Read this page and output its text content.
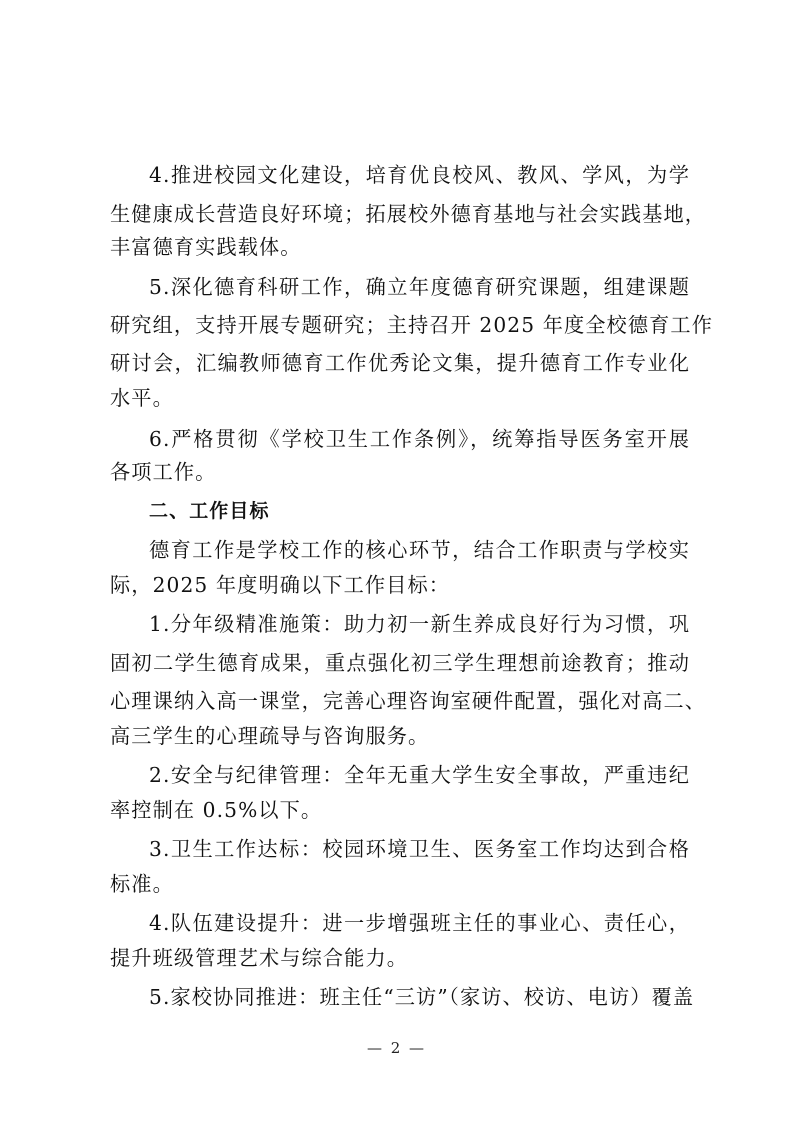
4.推进校园文化建设，培育优良校风、教风、学风，为学
生健康成长营造良好环境；拓展校外德育基地与社会实践基地，
丰富德育实践载体。
5.深化德育科研工作，确立年度德育研究课题，组建课题
研究组，支持开展专题研究；主持召开 2025 年度全校德育工作
研讨会，汇编教师德育工作优秀论文集，提升德育工作专业化
水平。
6.严格贯彻《学校卫生工作条例》，统筹指导医务室开展
各项工作。
二、工作目标
德育工作是学校工作的核心环节，结合工作职责与学校实
际，2025 年度明确以下工作目标：
1.分年级精准施策：助力初一新生养成良好行为习惯，巩
固初二学生德育成果，重点强化初三学生理想前途教育；推动
心理课纳入高一课堂，完善心理咨询室硬件配置，强化对高二、
高三学生的心理疏导与咨询服务。
2.安全与纪律管理：全年无重大学生安全事故，严重违纪
率控制在 0.5%以下。
3.卫生工作达标：校园环境卫生、医务室工作均达到合格
标准。
4.队伍建设提升：进一步增强班主任的事业心、责任心，
提升班级管理艺术与综合能力。
5.家校协同推进：班主任“三访”（家访、校访、电访）覆盖
— 2 —
